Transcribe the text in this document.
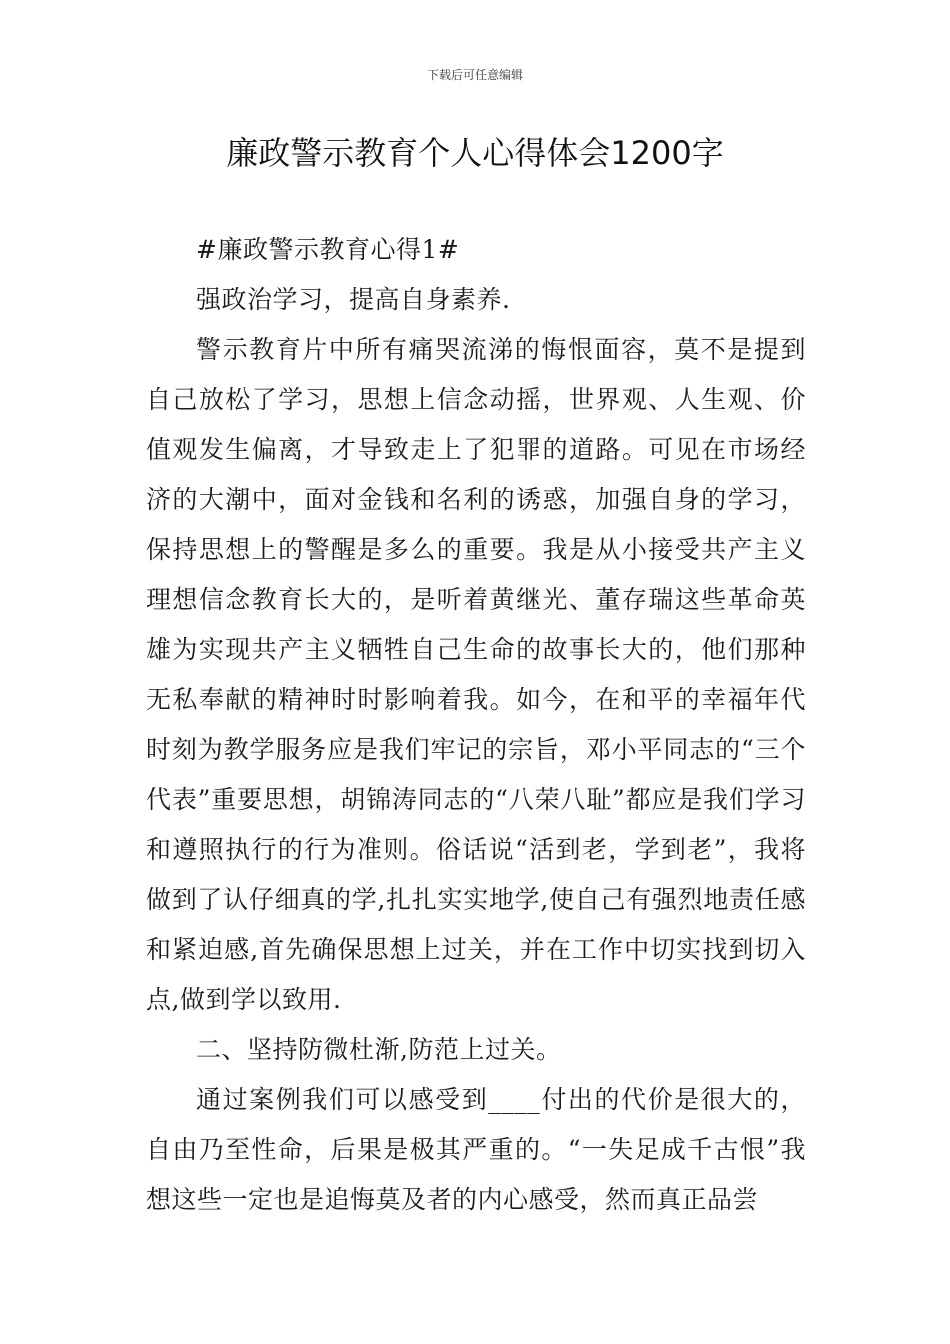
下载后可任意编辑
廉政警示教育个人心得体会1200字

#廉政警示教育心得1#

强政治学习，提高自身素养.

警示教育片中所有痛哭流涕的悔恨面容，莫不是提到自己放松了学习，思想上信念动摇，世界观、人生观、价值观发生偏离，才导致走上了犯罪的道路。可见在市场经济的大潮中，面对金钱和名利的诱惑，加强自身的学习，保持思想上的警醒是多么的重要。我是从小接受共产主义理想信念教育长大的，是听着黄继光、董存瑞这些革命英雄为实现共产主义牺牲自己生命的故事长大的，他们那种无私奉献的精神时时影响着我。如今，在和平的幸福年代时刻为教学服务应是我们牢记的宗旨，邓小平同志的“三个代表”重要思想，胡锦涛同志的“八荣八耻”都应是我们学习和遵照执行的行为准则。俗话说“活到老，学到老”，我将做到了认仔细真的学,扎扎实实地学,使自己有强烈地责任感和紧迫感,首先确保思想上过关，并在工作中切实找到切入点,做到学以致用.

二、坚持防微杜渐,防范上过关。

通过案例我们可以感受到____付出的代价是很大的，自由乃至性命，后果是极其严重的。“一失足成千古恨”我想这些一定也是追悔莫及者的内心感受，然而真正品尝
